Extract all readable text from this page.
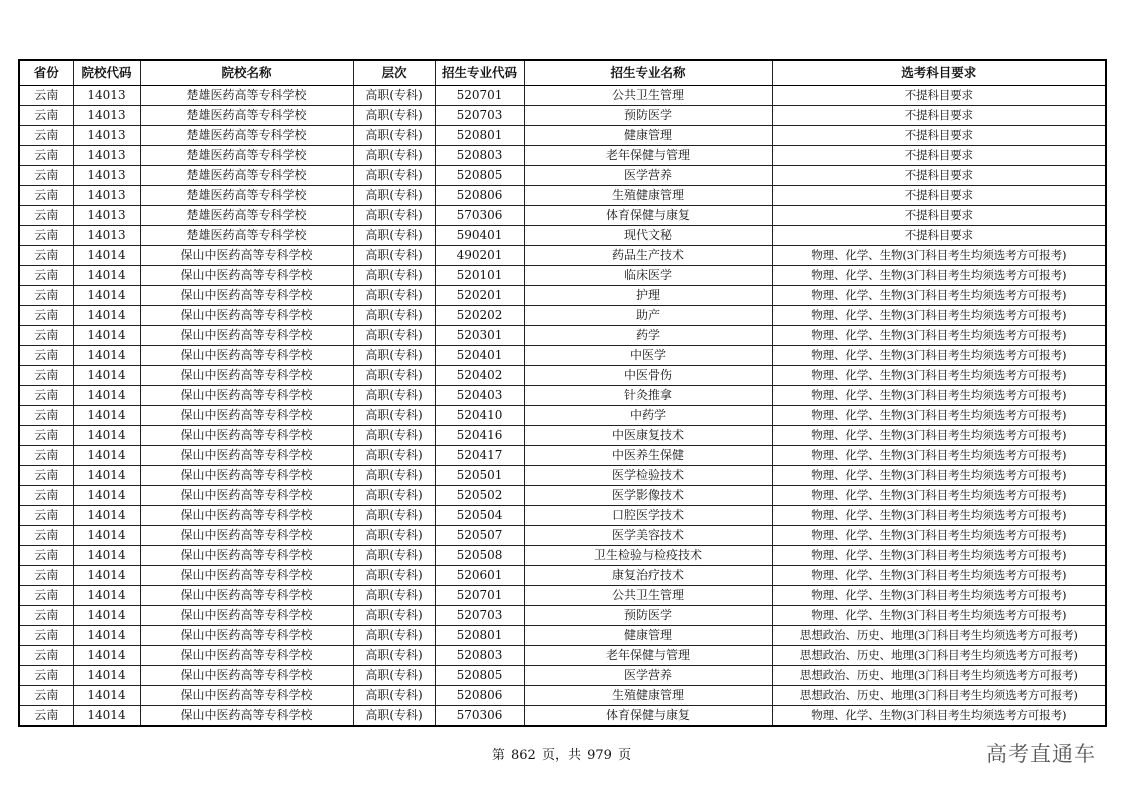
省份	院校代码	院校名称	层次	招生专业代码	招生专业名称	选考科目要求
云南	14013	楚雄医药高等专科学校	高职(专科)	520701	公共卫生管理	不提科目要求
云南	14013	楚雄医药高等专科学校	高职(专科)	520703	预防医学	不提科目要求
云南	14013	楚雄医药高等专科学校	高职(专科)	520801	健康管理	不提科目要求
云南	14013	楚雄医药高等专科学校	高职(专科)	520803	老年保健与管理	不提科目要求
云南	14013	楚雄医药高等专科学校	高职(专科)	520805	医学营养	不提科目要求
云南	14013	楚雄医药高等专科学校	高职(专科)	520806	生殖健康管理	不提科目要求
云南	14013	楚雄医药高等专科学校	高职(专科)	570306	体育保健与康复	不提科目要求
云南	14013	楚雄医药高等专科学校	高职(专科)	590401	现代文秘	不提科目要求
云南	14014	保山中医药高等专科学校	高职(专科)	490201	药品生产技术	物理、化学、生物(3门科目考生均须选考方可报考)
云南	14014	保山中医药高等专科学校	高职(专科)	520101	临床医学	物理、化学、生物(3门科目考生均须选考方可报考)
云南	14014	保山中医药高等专科学校	高职(专科)	520201	护理	物理、化学、生物(3门科目考生均须选考方可报考)
云南	14014	保山中医药高等专科学校	高职(专科)	520202	助产	物理、化学、生物(3门科目考生均须选考方可报考)
云南	14014	保山中医药高等专科学校	高职(专科)	520301	药学	物理、化学、生物(3门科目考生均须选考方可报考)
云南	14014	保山中医药高等专科学校	高职(专科)	520401	中医学	物理、化学、生物(3门科目考生均须选考方可报考)
云南	14014	保山中医药高等专科学校	高职(专科)	520402	中医骨伤	物理、化学、生物(3门科目考生均须选考方可报考)
云南	14014	保山中医药高等专科学校	高职(专科)	520403	针灸推拿	物理、化学、生物(3门科目考生均须选考方可报考)
云南	14014	保山中医药高等专科学校	高职(专科)	520410	中药学	物理、化学、生物(3门科目考生均须选考方可报考)
云南	14014	保山中医药高等专科学校	高职(专科)	520416	中医康复技术	物理、化学、生物(3门科目考生均须选考方可报考)
云南	14014	保山中医药高等专科学校	高职(专科)	520417	中医养生保健	物理、化学、生物(3门科目考生均须选考方可报考)
云南	14014	保山中医药高等专科学校	高职(专科)	520501	医学检验技术	物理、化学、生物(3门科目考生均须选考方可报考)
云南	14014	保山中医药高等专科学校	高职(专科)	520502	医学影像技术	物理、化学、生物(3门科目考生均须选考方可报考)
云南	14014	保山中医药高等专科学校	高职(专科)	520504	口腔医学技术	物理、化学、生物(3门科目考生均须选考方可报考)
云南	14014	保山中医药高等专科学校	高职(专科)	520507	医学美容技术	物理、化学、生物(3门科目考生均须选考方可报考)
云南	14014	保山中医药高等专科学校	高职(专科)	520508	卫生检验与检疫技术	物理、化学、生物(3门科目考生均须选考方可报考)
云南	14014	保山中医药高等专科学校	高职(专科)	520601	康复治疗技术	物理、化学、生物(3门科目考生均须选考方可报考)
云南	14014	保山中医药高等专科学校	高职(专科)	520701	公共卫生管理	物理、化学、生物(3门科目考生均须选考方可报考)
云南	14014	保山中医药高等专科学校	高职(专科)	520703	预防医学	物理、化学、生物(3门科目考生均须选考方可报考)
云南	14014	保山中医药高等专科学校	高职(专科)	520801	健康管理	思想政治、历史、地理(3门科目考生均须选考方可报考)
云南	14014	保山中医药高等专科学校	高职(专科)	520803	老年保健与管理	思想政治、历史、地理(3门科目考生均须选考方可报考)
云南	14014	保山中医药高等专科学校	高职(专科)	520805	医学营养	思想政治、历史、地理(3门科目考生均须选考方可报考)
云南	14014	保山中医药高等专科学校	高职(专科)	520806	生殖健康管理	思想政治、历史、地理(3门科目考生均须选考方可报考)
云南	14014	保山中医药高等专科学校	高职(专科)	570306	体育保健与康复	物理、化学、生物(3门科目考生均须选考方可报考)
第 862 页，共 979 页	高考直通车
